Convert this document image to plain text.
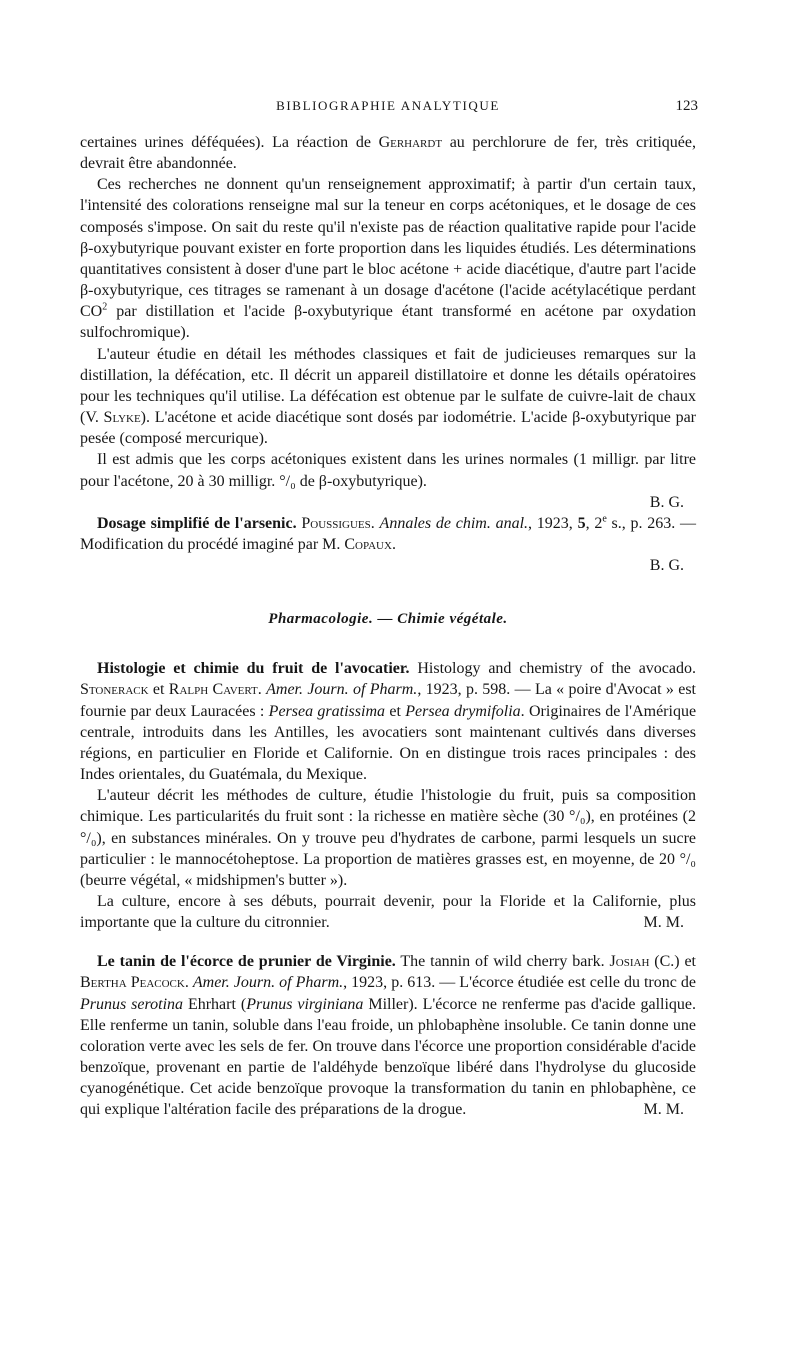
BIBLIOGRAPHIE ANALYTIQUE	123

certaines urines déféquées). La réaction de Gerhardt au perchlorure de fer, très critiquée, devrait être abandonnée.

Ces recherches ne donnent qu'un renseignement approximatif; à partir d'un certain taux, l'intensité des colorations renseigne mal sur la teneur en corps acétoniques, et le dosage de ces composés s'impose. On sait du reste qu'il n'existe pas de réaction qualitative rapide pour l'acide β-oxybutyrique pouvant exister en forte proportion dans les liquides étudiés. Les déterminations quantitatives consistent à doser d'une part le bloc acétone + acide diacétique, d'autre part l'acide β-oxybutyrique, ces titrages se ramenant à un dosage d'acétone (l'acide acétylacétique perdant $CO^2$ par distillation et l'acide β-oxybutyrique étant transformé en acétone par oxydation sulfochromique).

L'auteur étudie en détail les méthodes classiques et fait de judicieuses remarques sur la distillation, la défécation, etc. Il décrit un appareil distillatoire et donne les détails opératoires pour les techniques qu'il utilise. La défécation est obtenue par le sulfate de cuivre-lait de chaux (V. Slyke). L'acétone et acide diacétique sont dosés par iodométrie. L'acide β-oxybutyrique par pesée (composé mercurique).

Il est admis que les corps acétoniques existent dans les urines normales (1 milligr. par litre pour l'acétone, 20 à 30 milligr. °/₀ de β-oxybutyrique).

B. G.

Dosage simplifié de l'arsenic. Poussigues. Annales de chim. anal., 1923, 5, 2e s., p. 263. — Modification du procédé imaginé par M. Copaux.

B. G.
Pharmacologie. — Chimie végétale.

Histologie et chimie du fruit de l'avocatier. Histology and chemistry of the avocado. Stonerack et Ralph Cavert. Amer. Journ. of Pharm., 1923, p. 598. — La « poire d'Avocat » est fournie par deux Lauracées : Persea gratissima et Persea drymifolia. Originaires de l'Amérique centrale, introduits dans les Antilles, les avocatiers sont maintenant cultivés dans diverses régions, en particulier en Floride et Californie. On en distingue trois races principales : des Indes orientales, du Guatémala, du Mexique.

L'auteur décrit les méthodes de culture, étudie l'histologie du fruit, puis sa composition chimique. Les particularités du fruit sont : la richesse en matière sèche (30 °/₀), en protéines (2 °/₀), en substances minérales. On y trouve peu d'hydrates de carbone, parmi lesquels un sucre particulier : le mannocétoheptose. La proportion de matières grasses est, en moyenne, de 20 °/₀ (beurre végétal, « midshipmen's butter »).

La culture, encore à ses débuts, pourrait devenir, pour la Floride et la Californie, plus importante que la culture du citronnier.	M. M.

Le tanin de l'écorce de prunier de Virginie. The tannin of wild cherry bark. Josiah (C.) et Bertha Peacock. Amer. Journ. of Pharm., 1923, p. 613. — L'écorce étudiée est celle du tronc de Prunus serotina Ehrhart (Prunus virginiana Miller). L'écorce ne renferme pas d'acide gallique. Elle renferme un tanin, soluble dans l'eau froide, un phlobaphène insoluble. Ce tanin donne une coloration verte avec les sels de fer. On trouve dans l'écorce une proportion considérable d'acide benzoïque, provenant en partie de l'aldéhyde benzoïque libéré dans l'hydrolyse du glucoside cyanogénétique. Cet acide benzoïque provoque la transformation du tanin en phlobaphène, ce qui explique l'altération facile des préparations de la drogue.	M. M.
